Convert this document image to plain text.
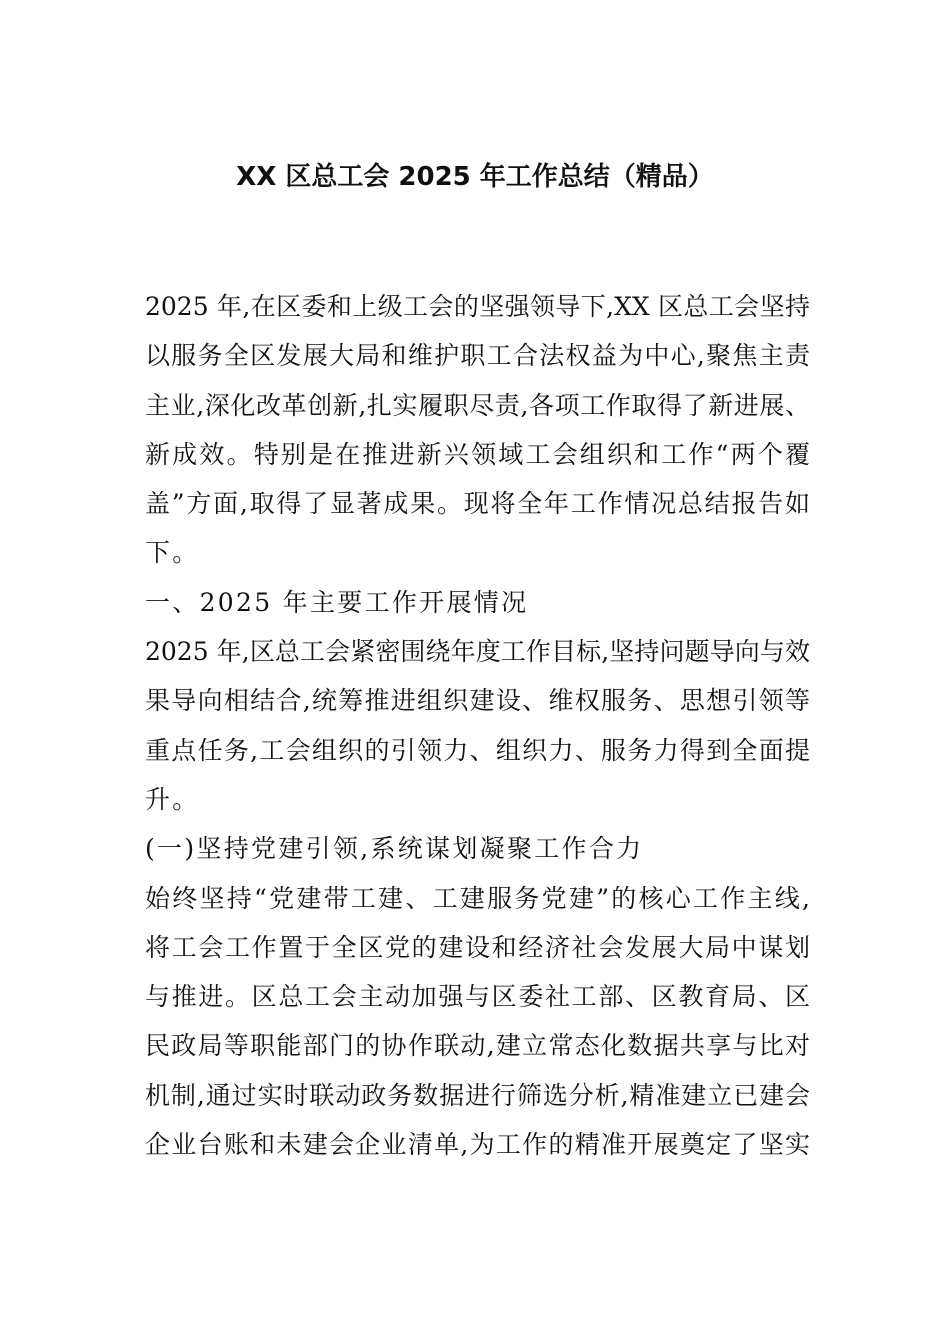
XX 区总工会 2025 年工作总结（精品）
2025 年,在区委和上级工会的坚强领导下,XX 区总工会坚持
以服务全区发展大局和维护职工合法权益为中心,聚焦主责
主业,深化改革创新,扎实履职尽责,各项工作取得了新进展、
新成效。特别是在推进新兴领域工会组织和工作“两个覆
盖”方面,取得了显著成果。现将全年工作情况总结报告如
下。
一、2025 年主要工作开展情况
2025 年,区总工会紧密围绕年度工作目标,坚持问题导向与效
果导向相结合,统筹推进组织建设、维权服务、思想引领等
重点任务,工会组织的引领力、组织力、服务力得到全面提
升。
(一)坚持党建引领,系统谋划凝聚工作合力
始终坚持“党建带工建、工建服务党建”的核心工作主线,
将工会工作置于全区党的建设和经济社会发展大局中谋划
与推进。区总工会主动加强与区委社工部、区教育局、区
民政局等职能部门的协作联动,建立常态化数据共享与比对
机制,通过实时联动政务数据进行筛选分析,精准建立已建会
企业台账和未建会企业清单,为工作的精准开展奠定了坚实
